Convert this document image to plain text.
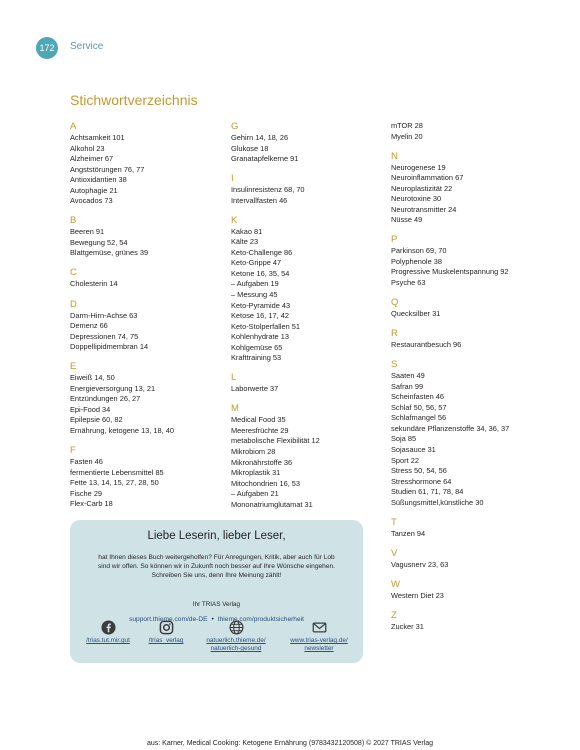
172	Service
Stichwortverzeichnis
A
Achtsamkeit 101
Alkohol 23
Alzheimer 67
Angststörungen 76, 77
Antioxidantien 38
Autophagie 21
Avocados 73
B
Beeren 91
Bewegung 52, 54
Blattgemüse, grünes 39
C
Cholesterin 14
D
Darm-Hirn-Achse 63
Demenz 66
Depressionen 74, 75
Doppellipidmembran 14
E
Eiweiß 14, 50
Energieversorgung 13, 21
Entzündungen 26, 27
Epi-Food 34
Epilepsie 60, 82
Ernährung, ketogene 13, 18, 40
F
Fasten 46
fermentierte Lebensmittel 85
Fette 13, 14, 15, 27, 28, 50
Fische 29
Flex-Carb 18
G
Gehirn 14, 18, 26
Glukose 18
Granatapfelkerne 91
I
Insulinresistenz 68, 70
Intervallfasten 46
K
Kakao 81
Kälte 23
Keto-Challenge 86
Keto-Grippe 47
Ketone 16, 35, 54
– Aufgaben 19
– Messung 45
Keto-Pyramide 43
Ketose 16, 17, 42
Keto-Stolperfallen 51
Kohlenhydrate 13
Kohlgemüse 65
Krafttraining 53
L
Laborwerte 37
M
Medical Food 35
Meeresfrüchte 29
metabolische Flexibilität 12
Mikrobiom 28
Mikronährstoffe 36
Mikroplastik 31
Mitochondrien 16, 53
– Aufgaben 21
Mononatriumglutamat 31
mTOR 28
Myelin 20
N
Neurogenese 19
Neuroinflammation 67
Neuroplastizität 22
Neurotoxine 30
Neurotransmitter 24
Nüsse 49
P
Parkinson 69, 70
Polyphenole 38
Progressive Muskelentspannung 92
Psyche 63
Q
Quecksilber 31
R
Restaurantbesuch 96
S
Saaten 49
Safran 99
Scheinfasten 46
Schlaf 50, 56, 57
Schlafmangel 56
sekundäre Pflanzenstoffe 34, 36, 37
Soja 85
Sojasauce 31
Sport 22
Stress 50, 54, 56
Stresshormone 64
Studien 61, 71, 78, 84
Süßungsmittel,künstliche 30
T
Tanzen 94
V
Vagusnerv 23, 63
W
Western Diet 23
Z
Zucker 31
Liebe Leserin, lieber Leser,
hat Ihnen dieses Buch weitergeholfen? Für Anregungen, Kritik, aber auch für Lob
sind wir offen. So können wir in Zukunft noch besser auf Ihre Wünsche eingehen.
Schreiben Sie uns, denn Ihre Meinung zählt!
Ihr TRIAS Verlag
support.thieme.com/de-DE • thieme.com/produktsicherheit
/trias.tut.mir.gut	/trias_verlag	natuerlich.thieme.de/
natuerlich-gesund
www.trias-verlag.de/
newsletter
aus: Karner, Medical Cooking: Ketogene Ernährung (9783432120508) © 2027 TRIAS Verlag
